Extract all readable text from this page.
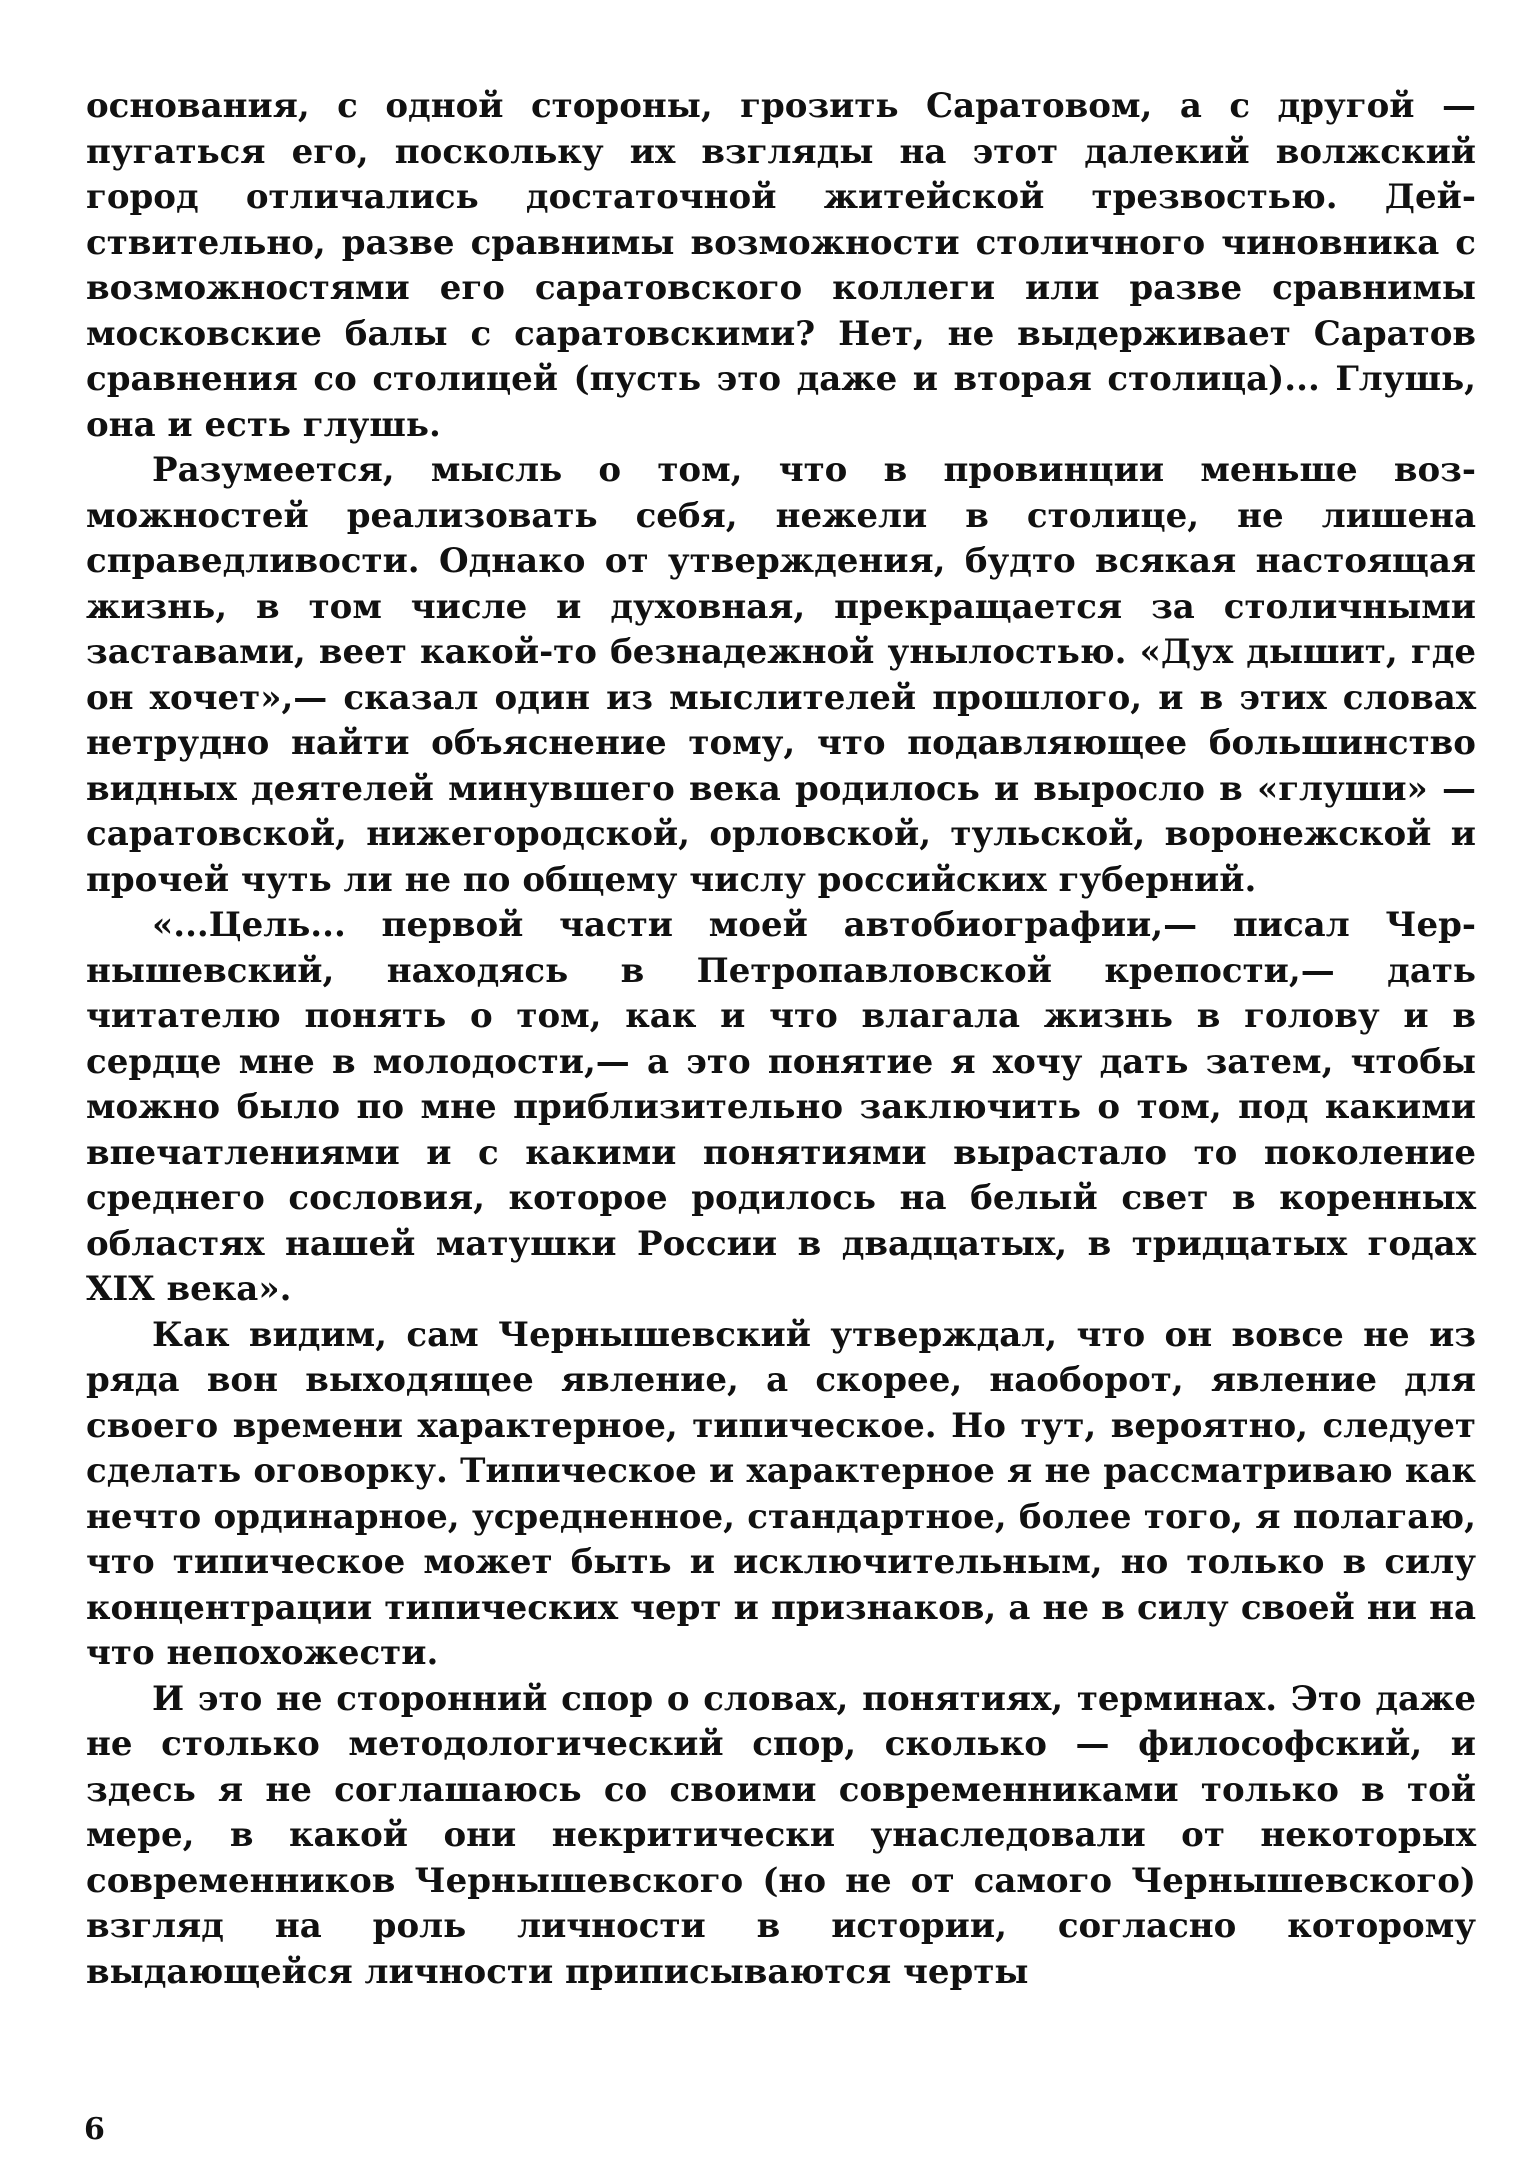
основания, с одной стороны, грозить Саратовом, а с другой — пугаться его, поскольку их взгляды на этот далекий волжский город отличались достаточной житейской трезвостью. Действительно, разве сравнимы возможности столичного чиновника с возможностями его саратовского коллеги или разве сравнимы московские балы с саратовскими? Нет, не выдерживает Саратов сравнения со столицей (пусть это даже и вторая столица)... Глушь, она и есть глушь.

Разумеется, мысль о том, что в провинции меньше возможностей реализовать себя, нежели в столице, не лишена справедливости. Однако от утверждения, будто всякая настоящая жизнь, в том числе и духовная, прекращается за столичными заставами, веет какой-то безнадежной унылостью. «Дух дышит, где он хочет»,— сказал один из мыслителей прошлого, и в этих словах нетрудно найти объяснение тому, что подавляющее большинство видных деятелей минувшего века родилось и выросло в «глуши» — саратовской, нижегородской, орловской, тульской, воронежской и прочей чуть ли не по общему числу российских губерний.

«...Цель... первой части моей автобиографии,— писал Чернышевский, находясь в Петропавловской крепости,— дать читателю понять о том, как и что влагала жизнь в голову и в сердце мне в молодости,— а это понятие я хочу дать затем, чтобы можно было по мне приблизительно заключить о том, под какими впечатлениями и с какими понятиями вырастало то поколение среднего сословия, которое родилось на белый свет в коренных областях нашей матушки России в двадцатых, в тридцатых годах XIX века».

Как видим, сам Чернышевский утверждал, что он вовсе не из ряда вон выходящее явление, а скорее, наоборот, явление для своего времени характерное, типическое. Но тут, вероятно, следует сделать оговорку. Типическое и характерное я не рассматриваю как нечто ординарное, усредненное, стандартное, более того, я полагаю, что типическое может быть и исключительным, но только в силу концентрации типических черт и признаков, а не в силу своей ни на что непохожести.

И это не сторонний спор о словах, понятиях, терминах. Это даже не столько методологический спор, сколько — философский, и здесь я не соглашаюсь со своими современниками только в той мере, в какой они некритически унаследовали от некоторых современников Чернышевского (но не от самого Чернышевского) взгляд на роль личности в истории, согласно которому выдающейся личности приписываются черты

6
